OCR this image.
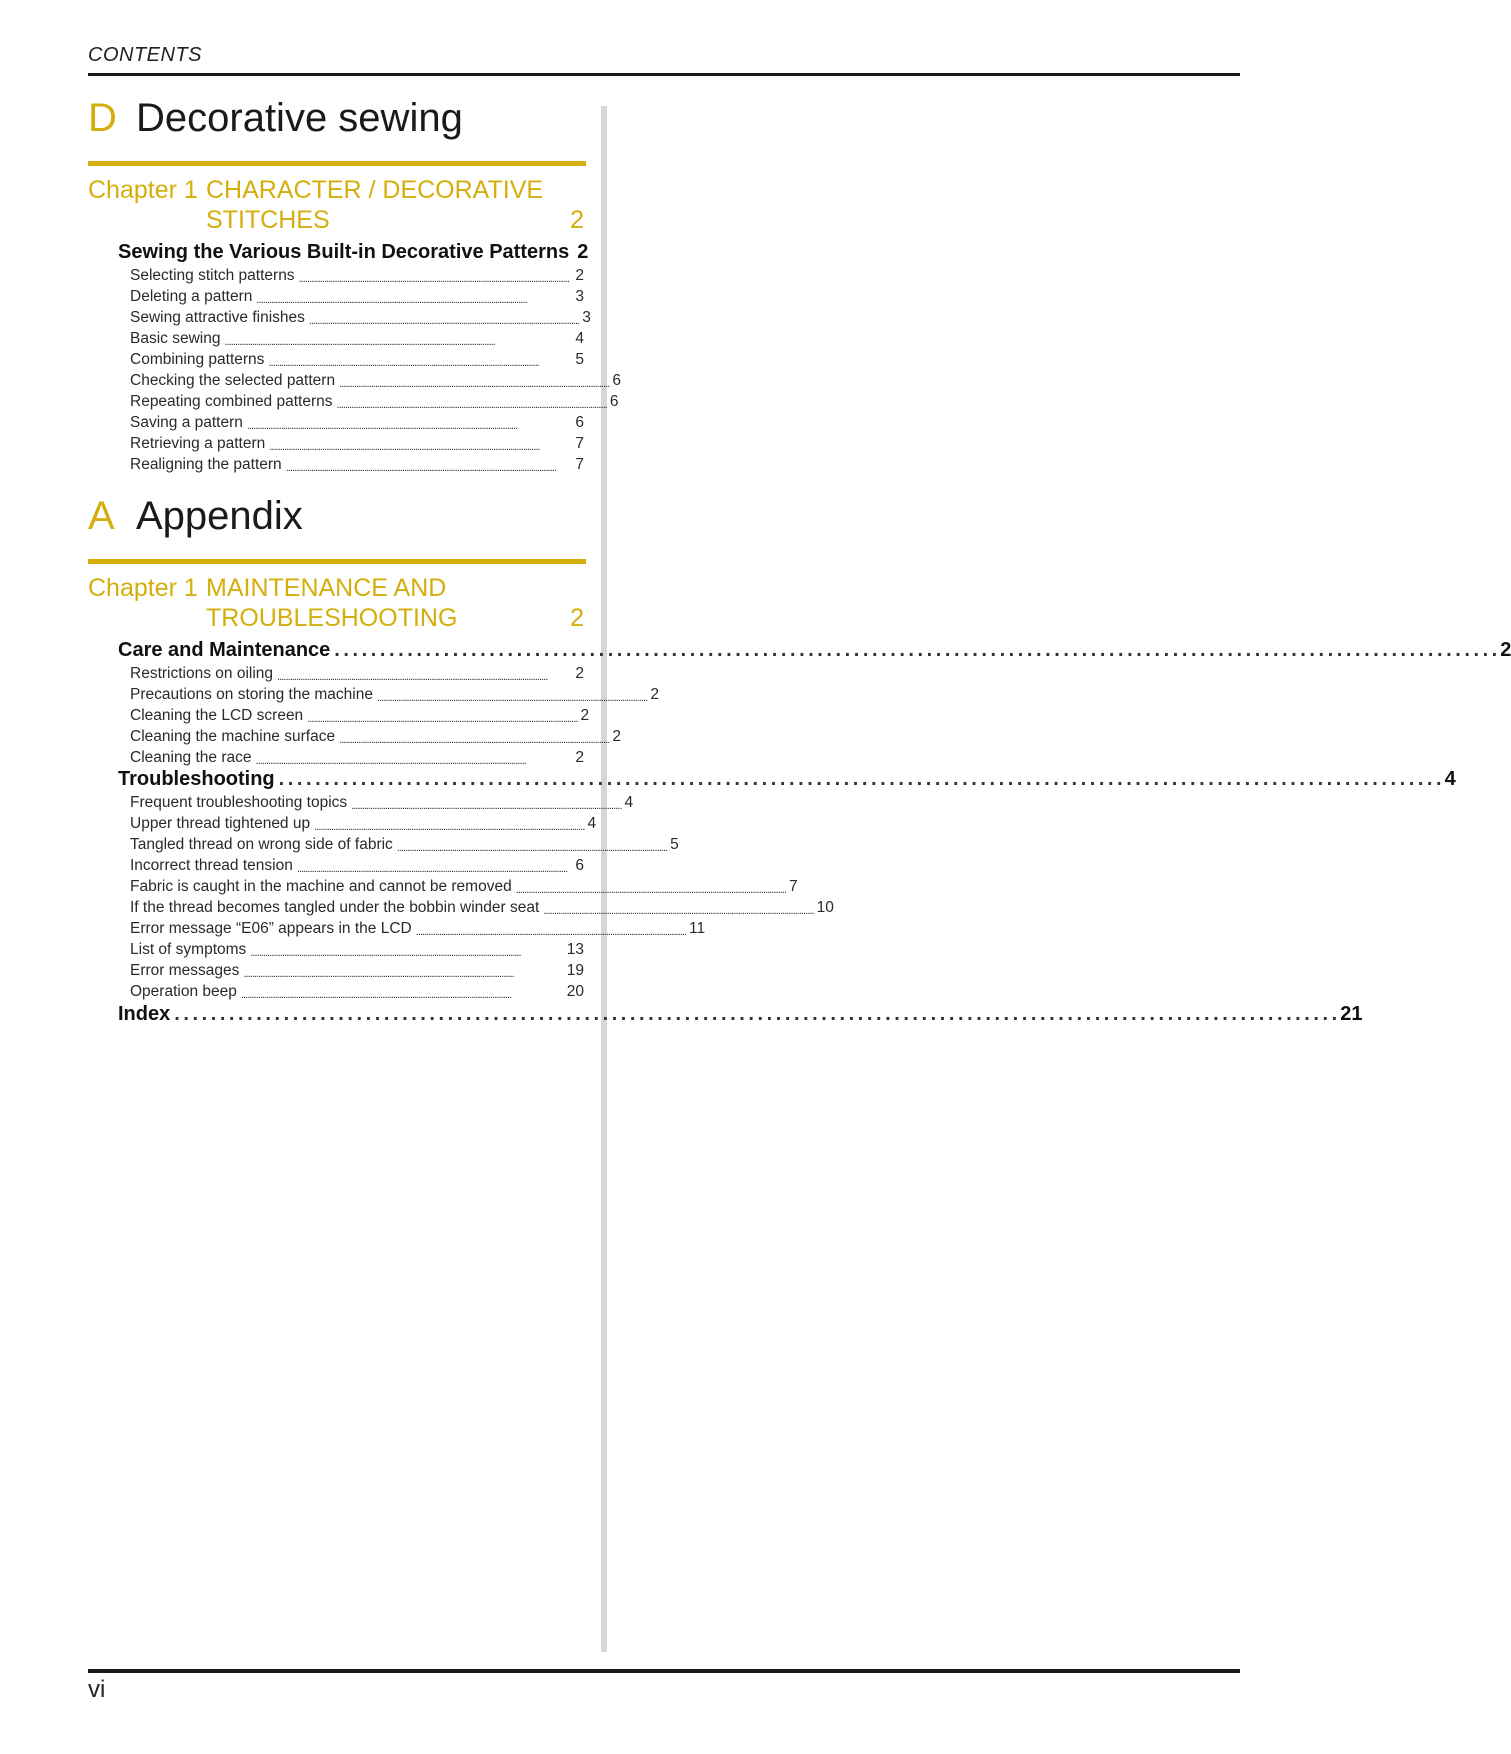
CONTENTS
D Decorative sewing
Chapter 1 CHARACTER / DECORATIVE
STITCHES	2
Sewing the Various Built-in Decorative Patterns 2
Selecting stitch patterns . . .	2
Deleting a pattern . . .	3
Sewing attractive finishes . . .	3
Basic sewing . . .	4
Combining patterns . . .	5
Checking the selected pattern . . .	6
Repeating combined patterns . . .	6
Saving a pattern . . .	6
Retrieving a pattern . . .	7
Realigning the pattern . . .	7
A Appendix
Chapter 1 MAINTENANCE AND
TROUBLESHOOTING	2
Care and Maintenance . . .	2
Restrictions on oiling . . .	2
Precautions on storing the machine . . .	2
Cleaning the LCD screen . . .	2
Cleaning the machine surface . . .	2
Cleaning the race . . .	2
Troubleshooting . . .	4
Frequent troubleshooting topics . . .	4
Upper thread tightened up . . .	4
Tangled thread on wrong side of fabric . . .	5
Incorrect thread tension . . .	6
Fabric is caught in the machine and cannot be removed . . .	7
If the thread becomes tangled under the bobbin winder seat . . .	10
Error message “E06” appears in the LCD . . .	11
List of symptoms . . .	13
Error messages . . .	19
Operation beep . . .	20
Index . . .	21
vi
